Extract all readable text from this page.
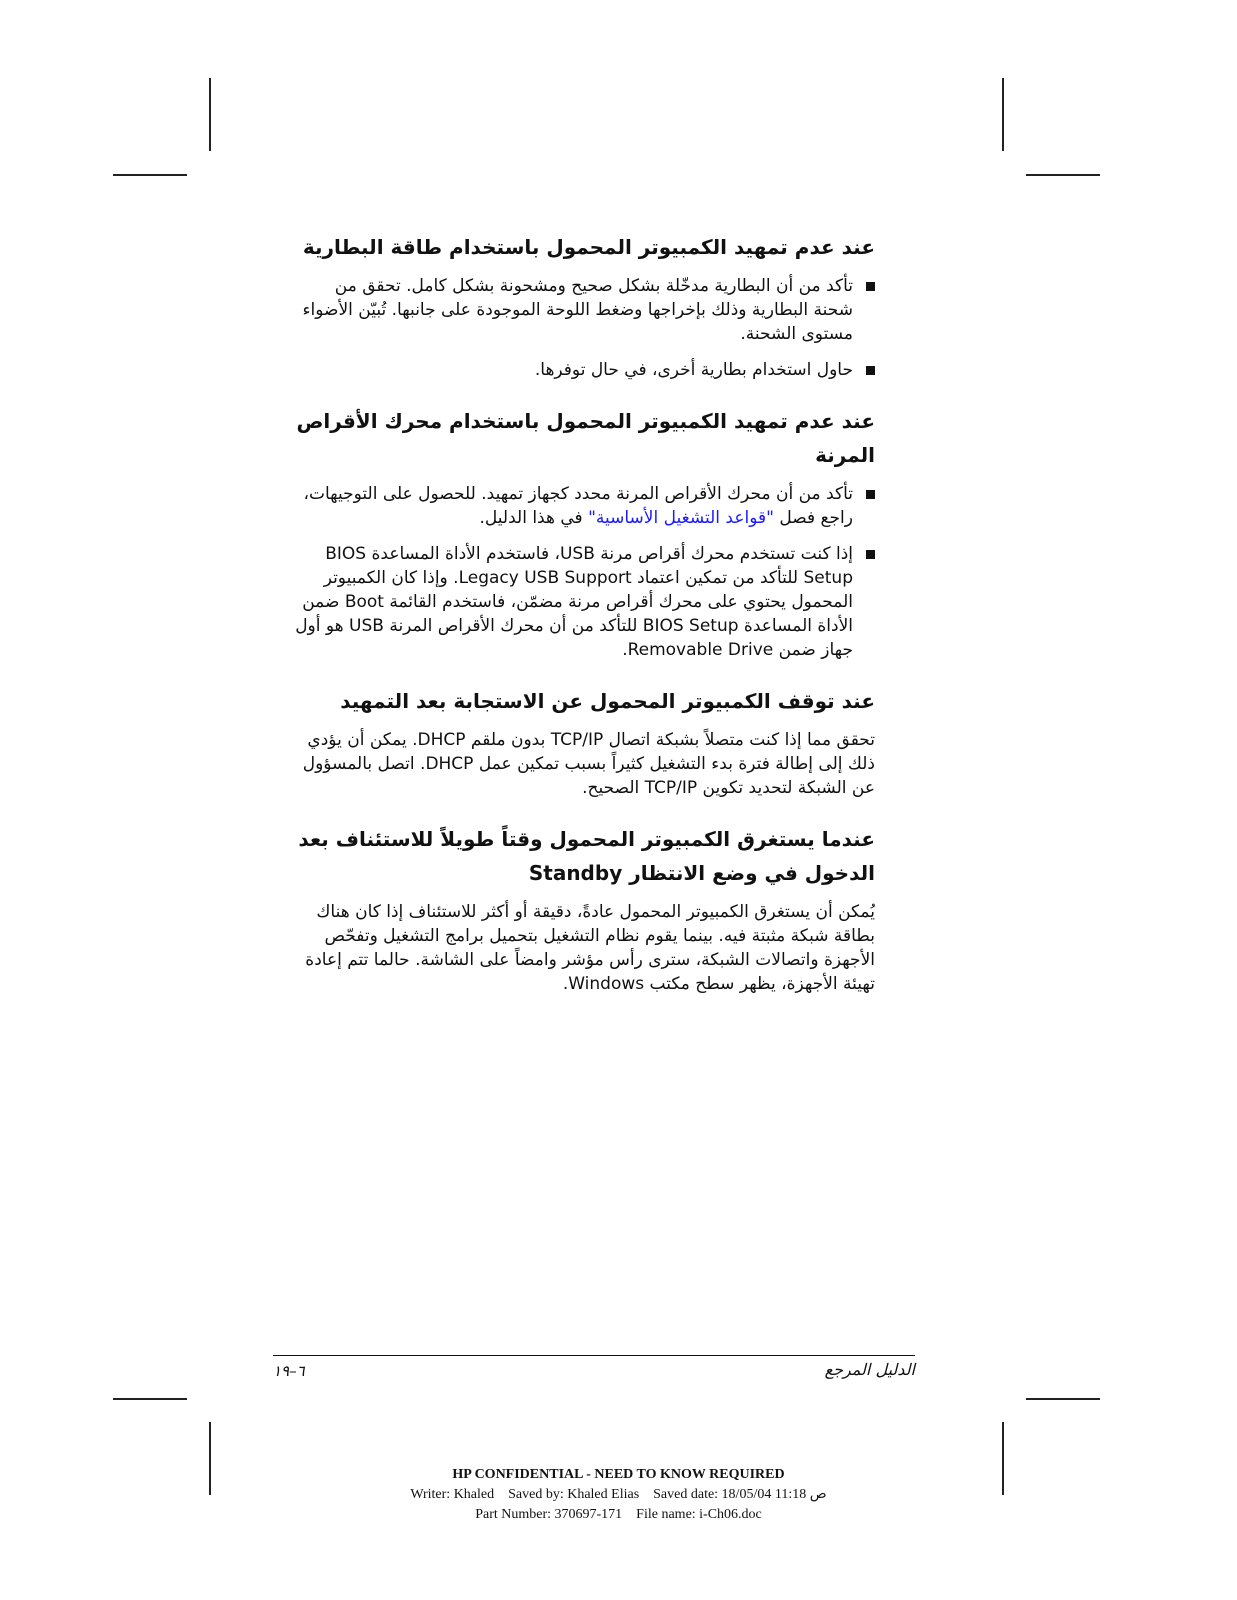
عند عدم تمهيد الكمبيوتر المحمول باستخدام طاقة البطارية
تأكد من أن البطارية مدخّلة بشكل صحيح ومشحونة بشكل كامل. تحقق من شحنة البطارية وذلك بإخراجها وضغط اللوحة الموجودة على جانبها. تُبيّن الأضواء مستوى الشحنة.
حاول استخدام بطارية أخرى، في حال توفرها.
عند عدم تمهيد الكمبيوتر المحمول باستخدام محرك الأقراص المرنة
تأكد من أن محرك الأقراص المرنة محدد كجهاز تمهيد. للحصول على التوجيهات، راجع فصل "قواعد التشغيل الأساسية" في هذا الدليل.
إذا كنت تستخدم محرك أقراص مرنة USB، فاستخدم الأداة المساعدة BIOS Setup للتأكد من تمكين اعتماد Legacy USB Support. وإذا كان الكمبيوتر المحمول يحتوي على محرك أقراص مرنة مضمّن، فاستخدم القائمة Boot ضمن الأداة المساعدة BIOS Setup للتأكد من أن محرك الأقراص المرنة USB هو أول جهاز ضمن Removable Drive.
عند توقف الكمبيوتر المحمول عن الاستجابة بعد التمهيد

تحقق مما إذا كنت متصلاً بشبكة اتصال TCP/IP بدون ملقم DHCP. يمكن أن يؤدي ذلك إلى إطالة فترة بدء التشغيل كثيراً بسبب تمكين عمل DHCP. اتصل بالمسؤول عن الشبكة لتحديد تكوين TCP/IP الصحيح.

عندما يستغرق الكمبيوتر المحمول وقتاً طويلاً للاستئناف بعد الدخول في وضع الانتظار Standby

يُمكن أن يستغرق الكمبيوتر المحمول عادةً، دقيقة أو أكثر للاستئناف إذا كان هناك بطاقة شبكة مثبتة فيه. بينما يقوم نظام التشغيل بتحميل برامج التشغيل وتفحّص الأجهزة واتصالات الشبكة، سترى رأس مؤشر وامضاً على الشاشة. حالما تتم إعادة تهيئة الأجهزة، يظهر سطح مكتب Windows.

٦–١٩	الدليل المرجع
HP CONFIDENTIAL - NEED TO KNOW REQUIRED
Writer: Khaled    Saved by: Khaled Elias    Saved date: 18/05/04 11:18 ص
Part Number: 370697-171    File name: i-Ch06.doc
